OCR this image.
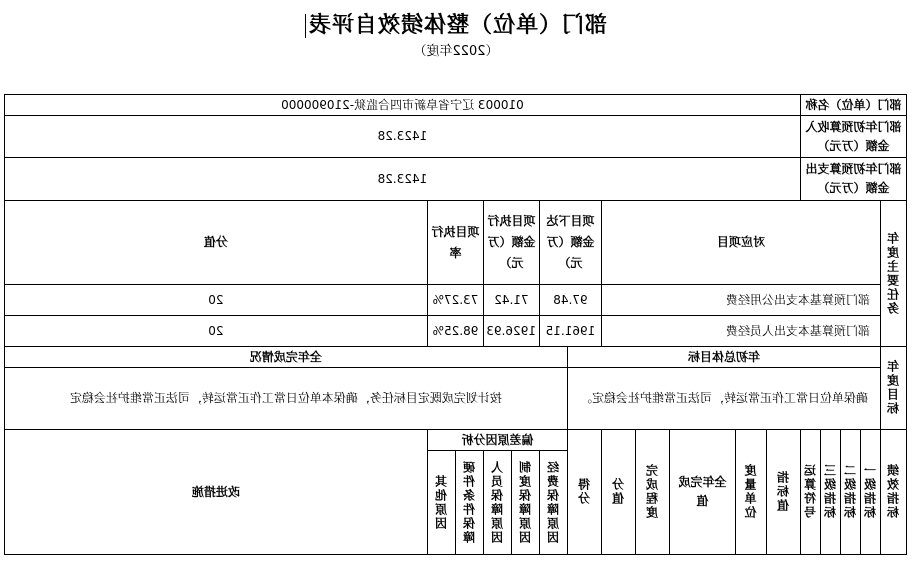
部门（单位）整体绩效自评表
（2022年度）
部门（单位）名称					010003 辽宁省阜新市四合监狱-210900000											
部门年初预算收入金额（万元）					1423.28											
部门年初预算支出金额（万元）					1423.28											
年度主要任务	对应项目									项目下达金额（万元）		项目执行金额（万元）		项目执行率		分值
	部门预算基本支出公用经费									97.48		71.42		73.27%		20
	部门预算基本支出人员经费									1961.15		1926.93		98.25%		20
年度目标	年初总体目标										全年完成情况					
	确保单位日常工作正常运转，司法正常维护社会稳定。										按计划完成既定目标任务，确保本单位日常工作正常运转，司法正常维护社会稳定					
绩效指标	一级指标	二级指标	三级指标	运算符号	指标值	度量单位	全年完成值	完成程度	分值	得分	偏差原因分析					改进措施
											经费保障原因	制度保障原因	人员保障原因	硬件条件保障	其他原因	
